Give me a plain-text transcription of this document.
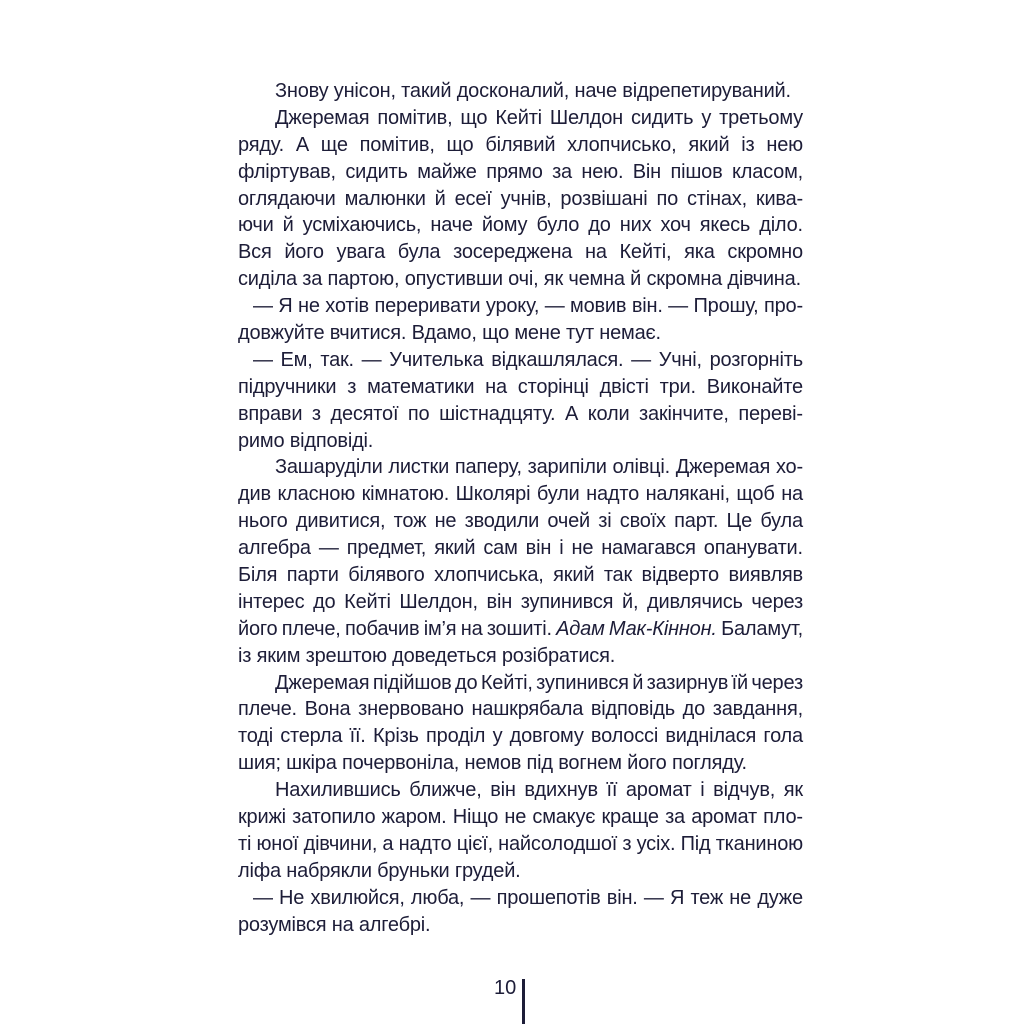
Знову унісон, такий досконалий, наче відрепетируваний.
Джеремая помітив, що Кейті Шелдон сидить у третьому
ряду. А ще помітив, що білявий хлопчисько, який із нею
фліртував, сидить майже прямо за нею. Він пішов класом,
оглядаючи малюнки й есеї учнів, розвішані по стінах, кива-
ючи й усміхаючись, наче йому було до них хоч якесь діло.
Вся його увага була зосереджена на Кейті, яка скромно
сиділа за партою, опустивши очі, як чемна й скромна дівчина.
— Я не хотів переривати уроку, — мовив він. — Прошу, про-
довжуйте вчитися. Вдамо, що мене тут немає.
— Ем, так. — Учителька відкашлялася. — Учні, розгорніть
підручники з математики на сторінці двісті три. Виконайте
вправи з десятої по шістнадцяту. А коли закінчите, переві-
римо відповіді.
Зашаруділи листки паперу, зарипіли олівці. Джеремая хо-
див класною кімнатою. Школярі були надто налякані, щоб на
нього дивитися, тож не зводили очей зі своїх парт. Це була
алгебра — предмет, який сам він і не намагався опанувати.
Біля парти білявого хлопчиська, який так відверто виявляв
інтерес до Кейті Шелдон, він зупинився й, дивлячись через
його плече, побачив ім’я на зошиті. Адам Мак-Кіннон. Баламут,
із яким зрештою доведеться розібратися.
Джеремая підійшов до Кейті, зупинився й зазирнув їй через
плече. Вона знервовано нашкрябала відповідь до завдання,
тоді стерла її. Крізь проділ у довгому волоссі виднілася гола
шия; шкіра почервоніла, немов під вогнем його погляду.
Нахилившись ближче, він вдихнув її аромат і відчув, як
крижі затопило жаром. Ніщо не смакує краще за аромат пло-
ті юної дівчини, а надто цієї, найсолодшої з усіх. Під тканиною
ліфа набрякли бруньки грудей.
— Не хвилюйся, люба, — прошепотів він. — Я теж не дуже
розумівся на алгебрі.
10
